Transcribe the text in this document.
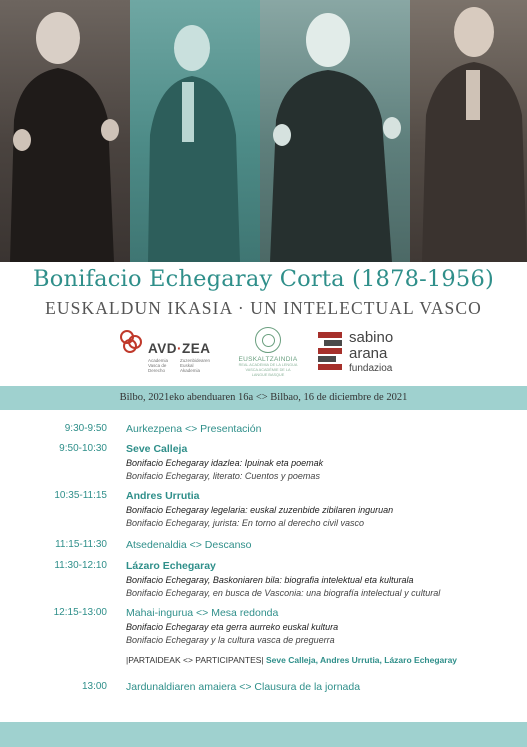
Bonifacio Echegaray Corta (1878-1956)
EUSKALDUN IKASIA · UN INTELECTUAL VASCO
AVD·ZEA
Academia Vasca de Derecho
Zuzenbidearen Euskal Akademia
EUSKALTZAINDIA
REAL ACADEMIA DE LA LENGUA VASCA ACADÉMIE DE LA LANGUE BASQUE
sabino
arana
fundazioa
Bilbo, 2021eko abenduaren 16a <> Bilbao, 16 de diciembre de 2021
9:30-9:50 Aurkezpena <> Presentación
9:50-10:30 Seve Calleja
Bonifacio Echegaray idazlea: Ipuinak eta poemak
Bonifacio Echegaray, literato: Cuentos y poemas
10:35-11:15 Andres Urrutia
Bonifacio Echegaray legelaria: euskal zuzenbide zibilaren inguruan
Bonifacio Echegaray, jurista: En torno al derecho civil vasco
11:15-11:30 Atsedenaldia <> Descanso
11:30-12:10 Lázaro Echegaray
Bonifacio Echegaray, Baskoniaren bila: biografia intelektual eta kulturala
Bonifacio Echegaray, en busca de Vasconia: una biografía intelectual y cultural
12:15-13:00 Mahai-ingurua <> Mesa redonda
Bonifacio Echegaray eta gerra aurreko euskal kultura
Bonifacio Echegaray y la cultura vasca de preguerra
|PARTAIDEAK <> PARTICIPANTES| Seve Calleja, Andres Urrutia, Lázaro Echegaray
13:00 Jardunaldiaren amaiera <> Clausura de la jornada
